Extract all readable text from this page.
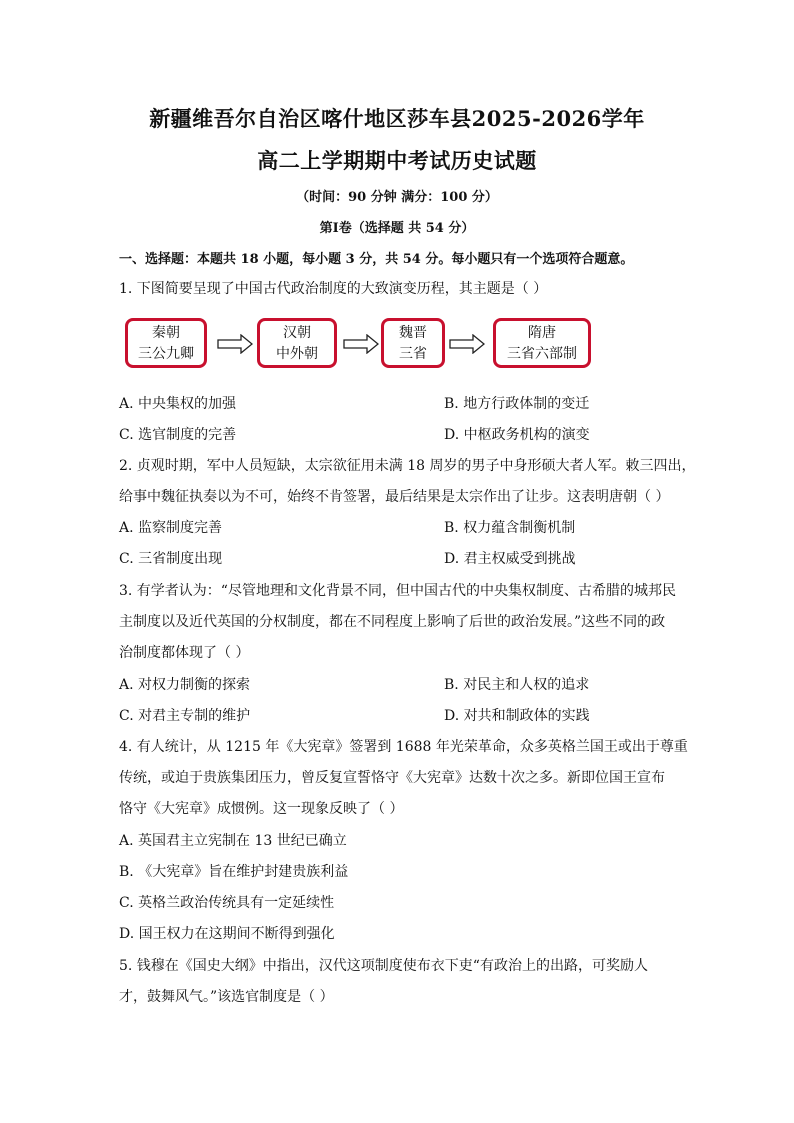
新疆维吾尔自治区喀什地区莎车县2025-2026学年
高二上学期期中考试历史试题
（时间：90 分钟 满分：100 分）
第Ⅰ卷（选择题 共 54 分）
一、选择题：本题共 18 小题，每小题 3 分，共 54 分。每小题只有一个选项符合题意。
1. 下图简要呈现了中国古代政治制度的大致演变历程，其主题是（ ）
秦朝
三公九卿
汉朝
中外朝
魏晋
三省
隋唐
三省六部制
A. 中央集权的加强	B. 地方行政体制的变迁
C. 选官制度的完善	D. 中枢政务机构的演变
2. 贞观时期，军中人员短缺，太宗欲征用未满 18 周岁的男子中身形硕大者人军。敕三四出，
给事中魏征执奏以为不可，始终不肯签署，最后结果是太宗作出了让步。这表明唐朝（ ）
A. 监察制度完善	B. 权力蕴含制衡机制
C. 三省制度出现	D. 君主权威受到挑战
3. 有学者认为：“尽管地理和文化背景不同，但中国古代的中央集权制度、古希腊的城邦民
主制度以及近代英国的分权制度，都在不同程度上影响了后世的政治发展。”这些不同的政
治制度都体现了（ ）
A. 对权力制衡的探索	B. 对民主和人权的追求
C. 对君主专制的维护	D. 对共和制政体的实践
4. 有人统计，从 1215 年《大宪章》签署到 1688 年光荣革命，众多英格兰国王或出于尊重
传统，或迫于贵族集团压力，曾反复宣誓恪守《大宪章》达数十次之多。新即位国王宣布
恪守《大宪章》成惯例。这一现象反映了（ ）
A. 英国君主立宪制在 13 世纪已确立
B. 《大宪章》旨在维护封建贵族利益
C. 英格兰政治传统具有一定延续性
D. 国王权力在这期间不断得到强化
5. 钱穆在《国史大纲》中指出，汉代这项制度使布衣下吏“有政治上的出路，可奖励人
才，鼓舞风气。”该选官制度是（ ）
